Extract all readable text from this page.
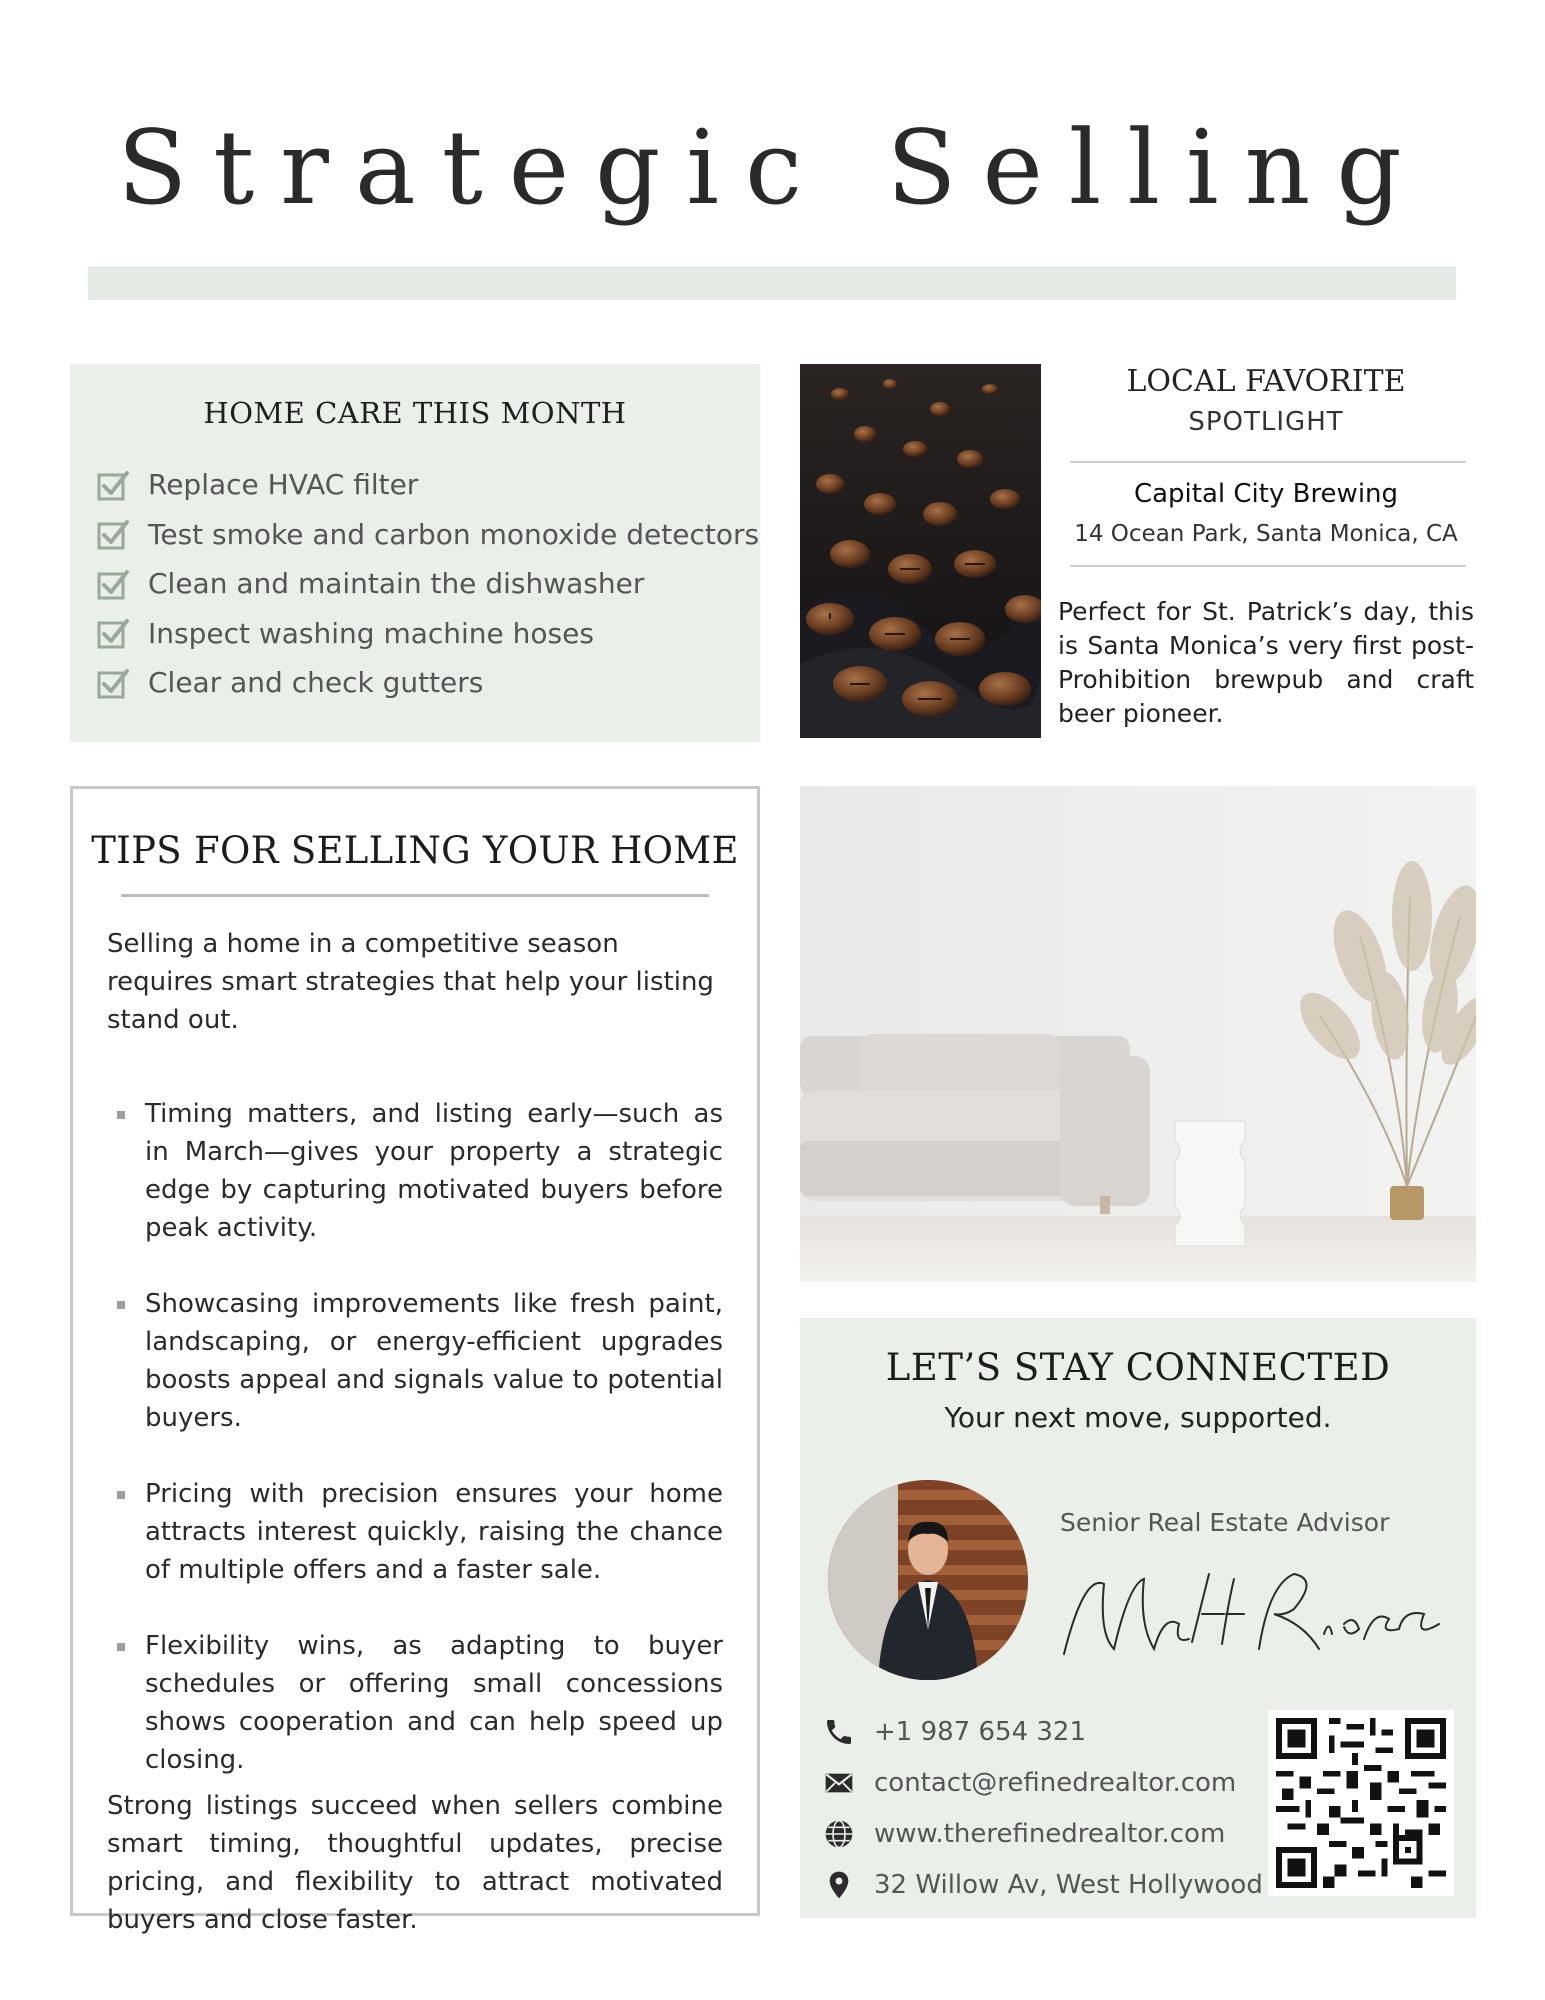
Strategic Selling
HOME CARE THIS MONTH
Replace HVAC filter
Test smoke and carbon monoxide detectors
Clean and maintain the dishwasher
Inspect washing machine hoses
Clear and check gutters
LOCAL FAVORITE
SPOTLIGHT
Capital City Brewing
14 Ocean Park, Santa Monica, CA

Perfect for St. Patrick’s day, this is Santa Monica’s very first post-Prohibition brewpub and craft beer pioneer.

TIPS FOR SELLING YOUR HOME

Selling a home in a competitive season requires smart strategies that help your listing stand out.

Timing matters, and listing early—such as in March—gives your property a strategic edge by capturing motivated buyers before peak activity.
Showcasing improvements like fresh paint, landscaping, or energy-efficient upgrades boosts appeal and signals value to potential buyers.
Pricing with precision ensures your home attracts interest quickly, raising the chance of multiple offers and a faster sale.
Flexibility wins, as adapting to buyer schedules or offering small concessions shows cooperation and can help speed up closing.

Strong listings succeed when sellers combine smart timing, thoughtful updates, precise pricing, and flexibility to attract motivated buyers and close faster.

LET’S STAY CONNECTED
Your next move, supported.
Senior Real Estate Advisor
+1 987 654 321
contact@refinedrealtor.com
www.therefinedrealtor.com
32 Willow Av, West Hollywood
